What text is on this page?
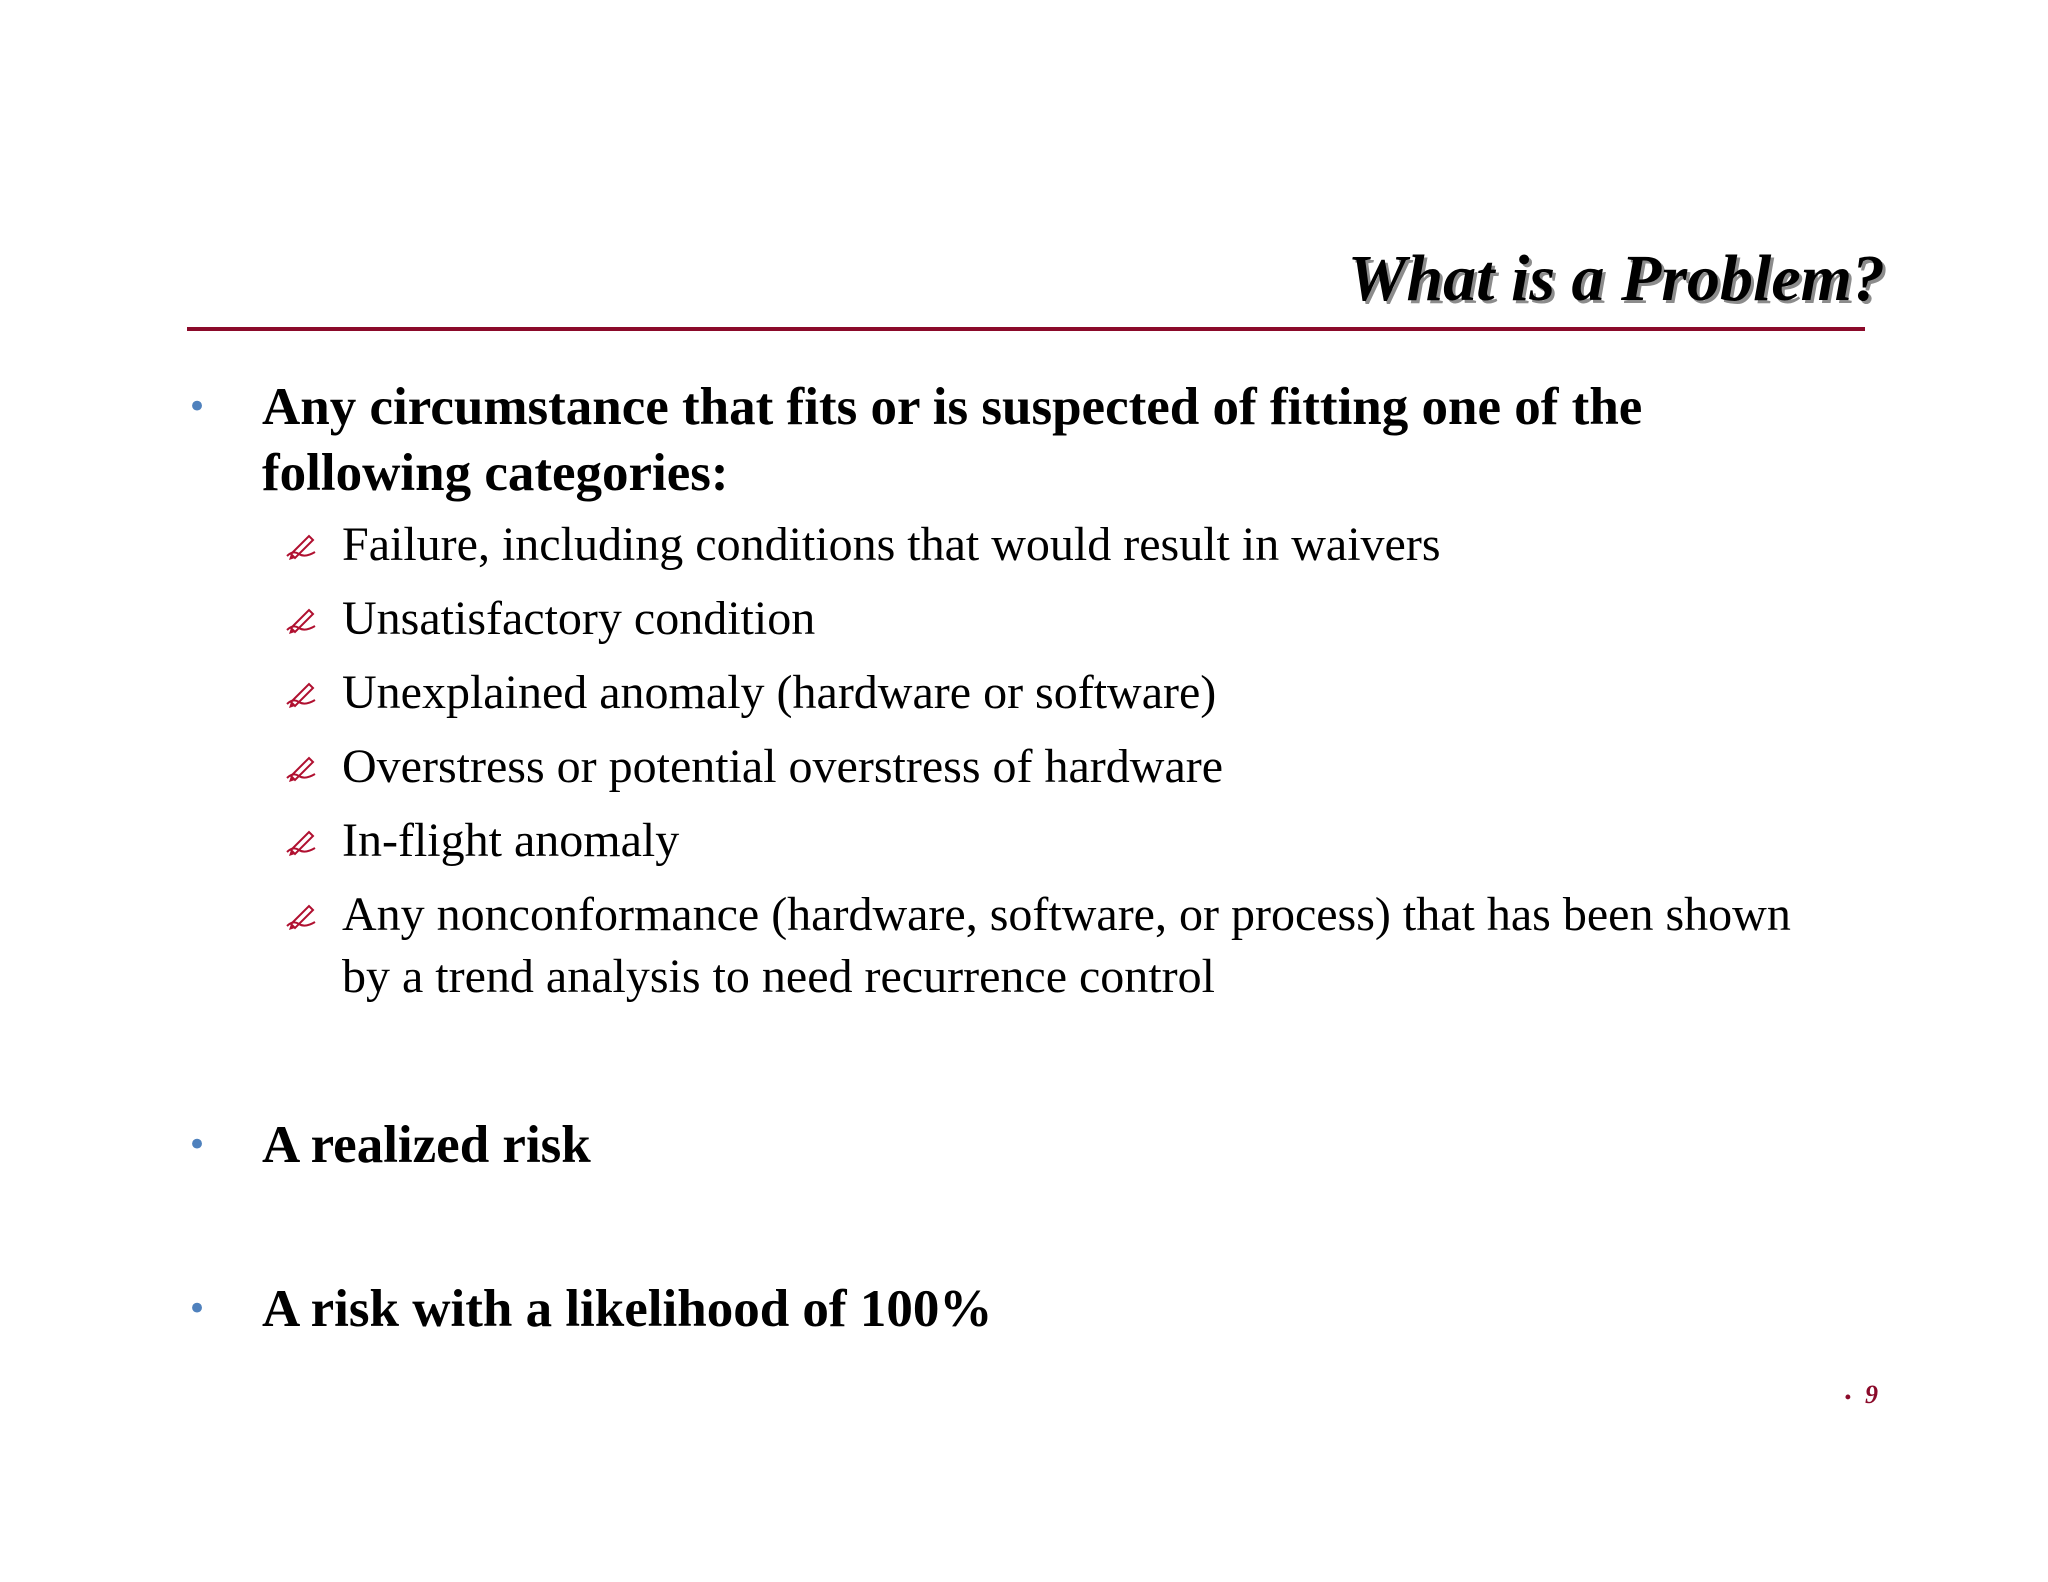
What is a Problem?
•	Any circumstance that fits or is suspected of fitting one of the following categories:
Failure, including conditions that would result in waivers
Unsatisfactory condition
Unexplained anomaly (hardware or software)
Overstress or potential overstress of hardware
In-flight anomaly
Any nonconformance (hardware, software, or process) that has been shown by a trend analysis to need recurrence control
•	A realized risk
•	A risk with a likelihood of 100%
• 9
